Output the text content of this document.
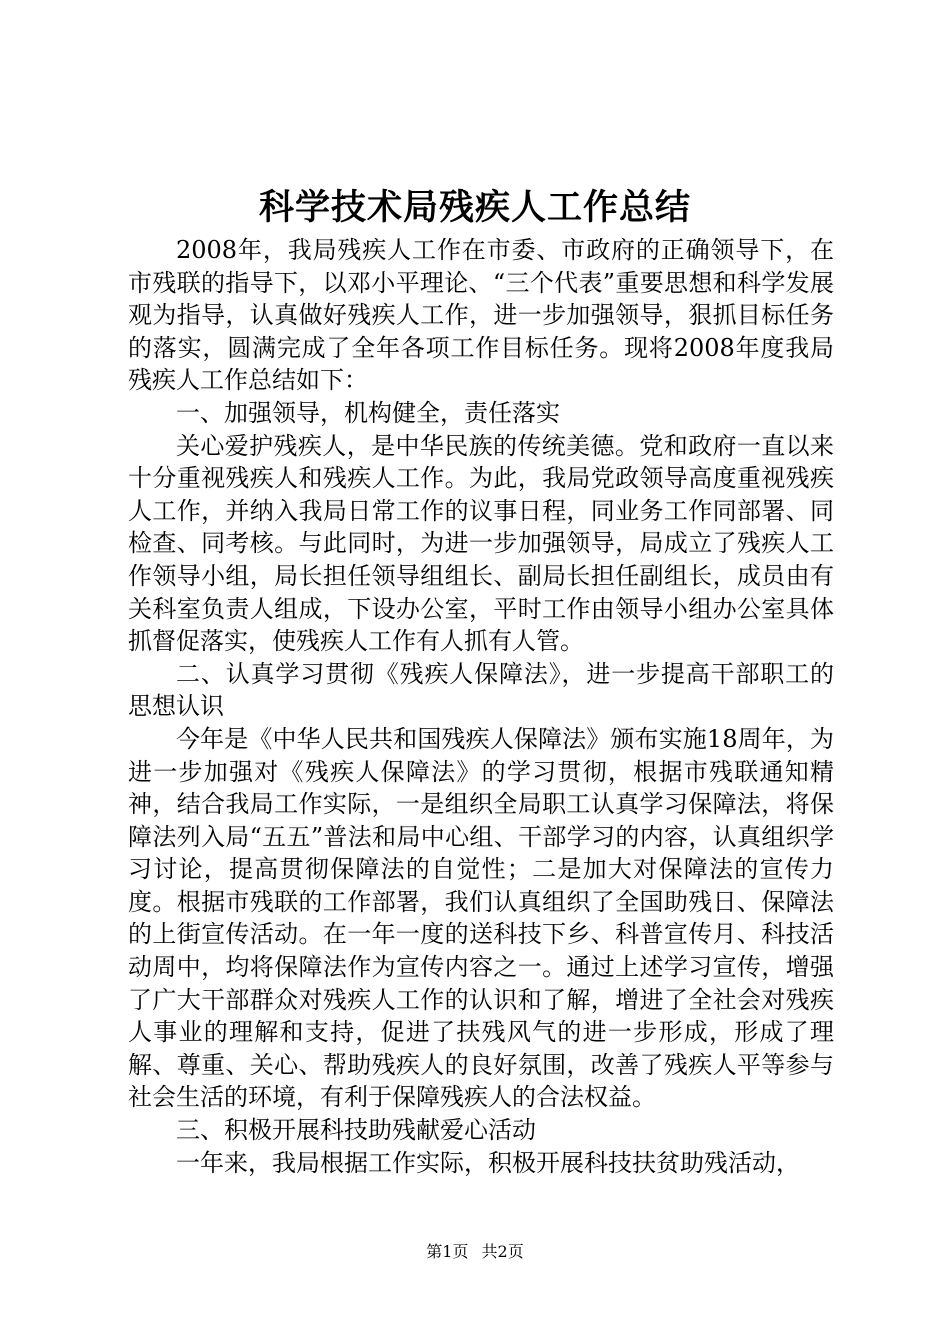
科学技术局残疾人工作总结

2008年，我局残疾人工作在市委、市政府的正确领导下，在市残联的指导下，以邓小平理论、“三个代表”重要思想和科学发展观为指导，认真做好残疾人工作，进一步加强领导，狠抓目标任务的落实，圆满完成了全年各项工作目标任务。现将2008年度我局残疾人工作总结如下：

一、加强领导，机构健全，责任落实

关心爱护残疾人，是中华民族的传统美德。党和政府一直以来十分重视残疾人和残疾人工作。为此，我局党政领导高度重视残疾人工作，并纳入我局日常工作的议事日程，同业务工作同部署、同检查、同考核。与此同时，为进一步加强领导，局成立了残疾人工作领导小组，局长担任领导组组长、副局长担任副组长，成员由有关科室负责人组成，下设办公室，平时工作由领导小组办公室具体抓督促落实，使残疾人工作有人抓有人管。

二、认真学习贯彻《残疾人保障法》，进一步提高干部职工的思想认识

今年是《中华人民共和国残疾人保障法》颁布实施18周年，为进一步加强对《残疾人保障法》的学习贯彻，根据市残联通知精神，结合我局工作实际，一是组织全局职工认真学习保障法，将保障法列入局“五五”普法和局中心组、干部学习的内容，认真组织学习讨论，提高贯彻保障法的自觉性；二是加大对保障法的宣传力度。根据市残联的工作部署，我们认真组织了全国助残日、保障法的上街宣传活动。在一年一度的送科技下乡、科普宣传月、科技活动周中，均将保障法作为宣传内容之一。通过上述学习宣传，增强了广大干部群众对残疾人工作的认识和了解，增进了全社会对残疾人事业的理解和支持，促进了扶残风气的进一步形成，形成了理解、尊重、关心、帮助残疾人的良好氛围，改善了残疾人平等参与社会生活的环境，有利于保障残疾人的合法权益。

三、积极开展科技助残献爱心活动

一年来，我局根据工作实际，积极开展科技扶贫助残活动，

第1页 共2页
